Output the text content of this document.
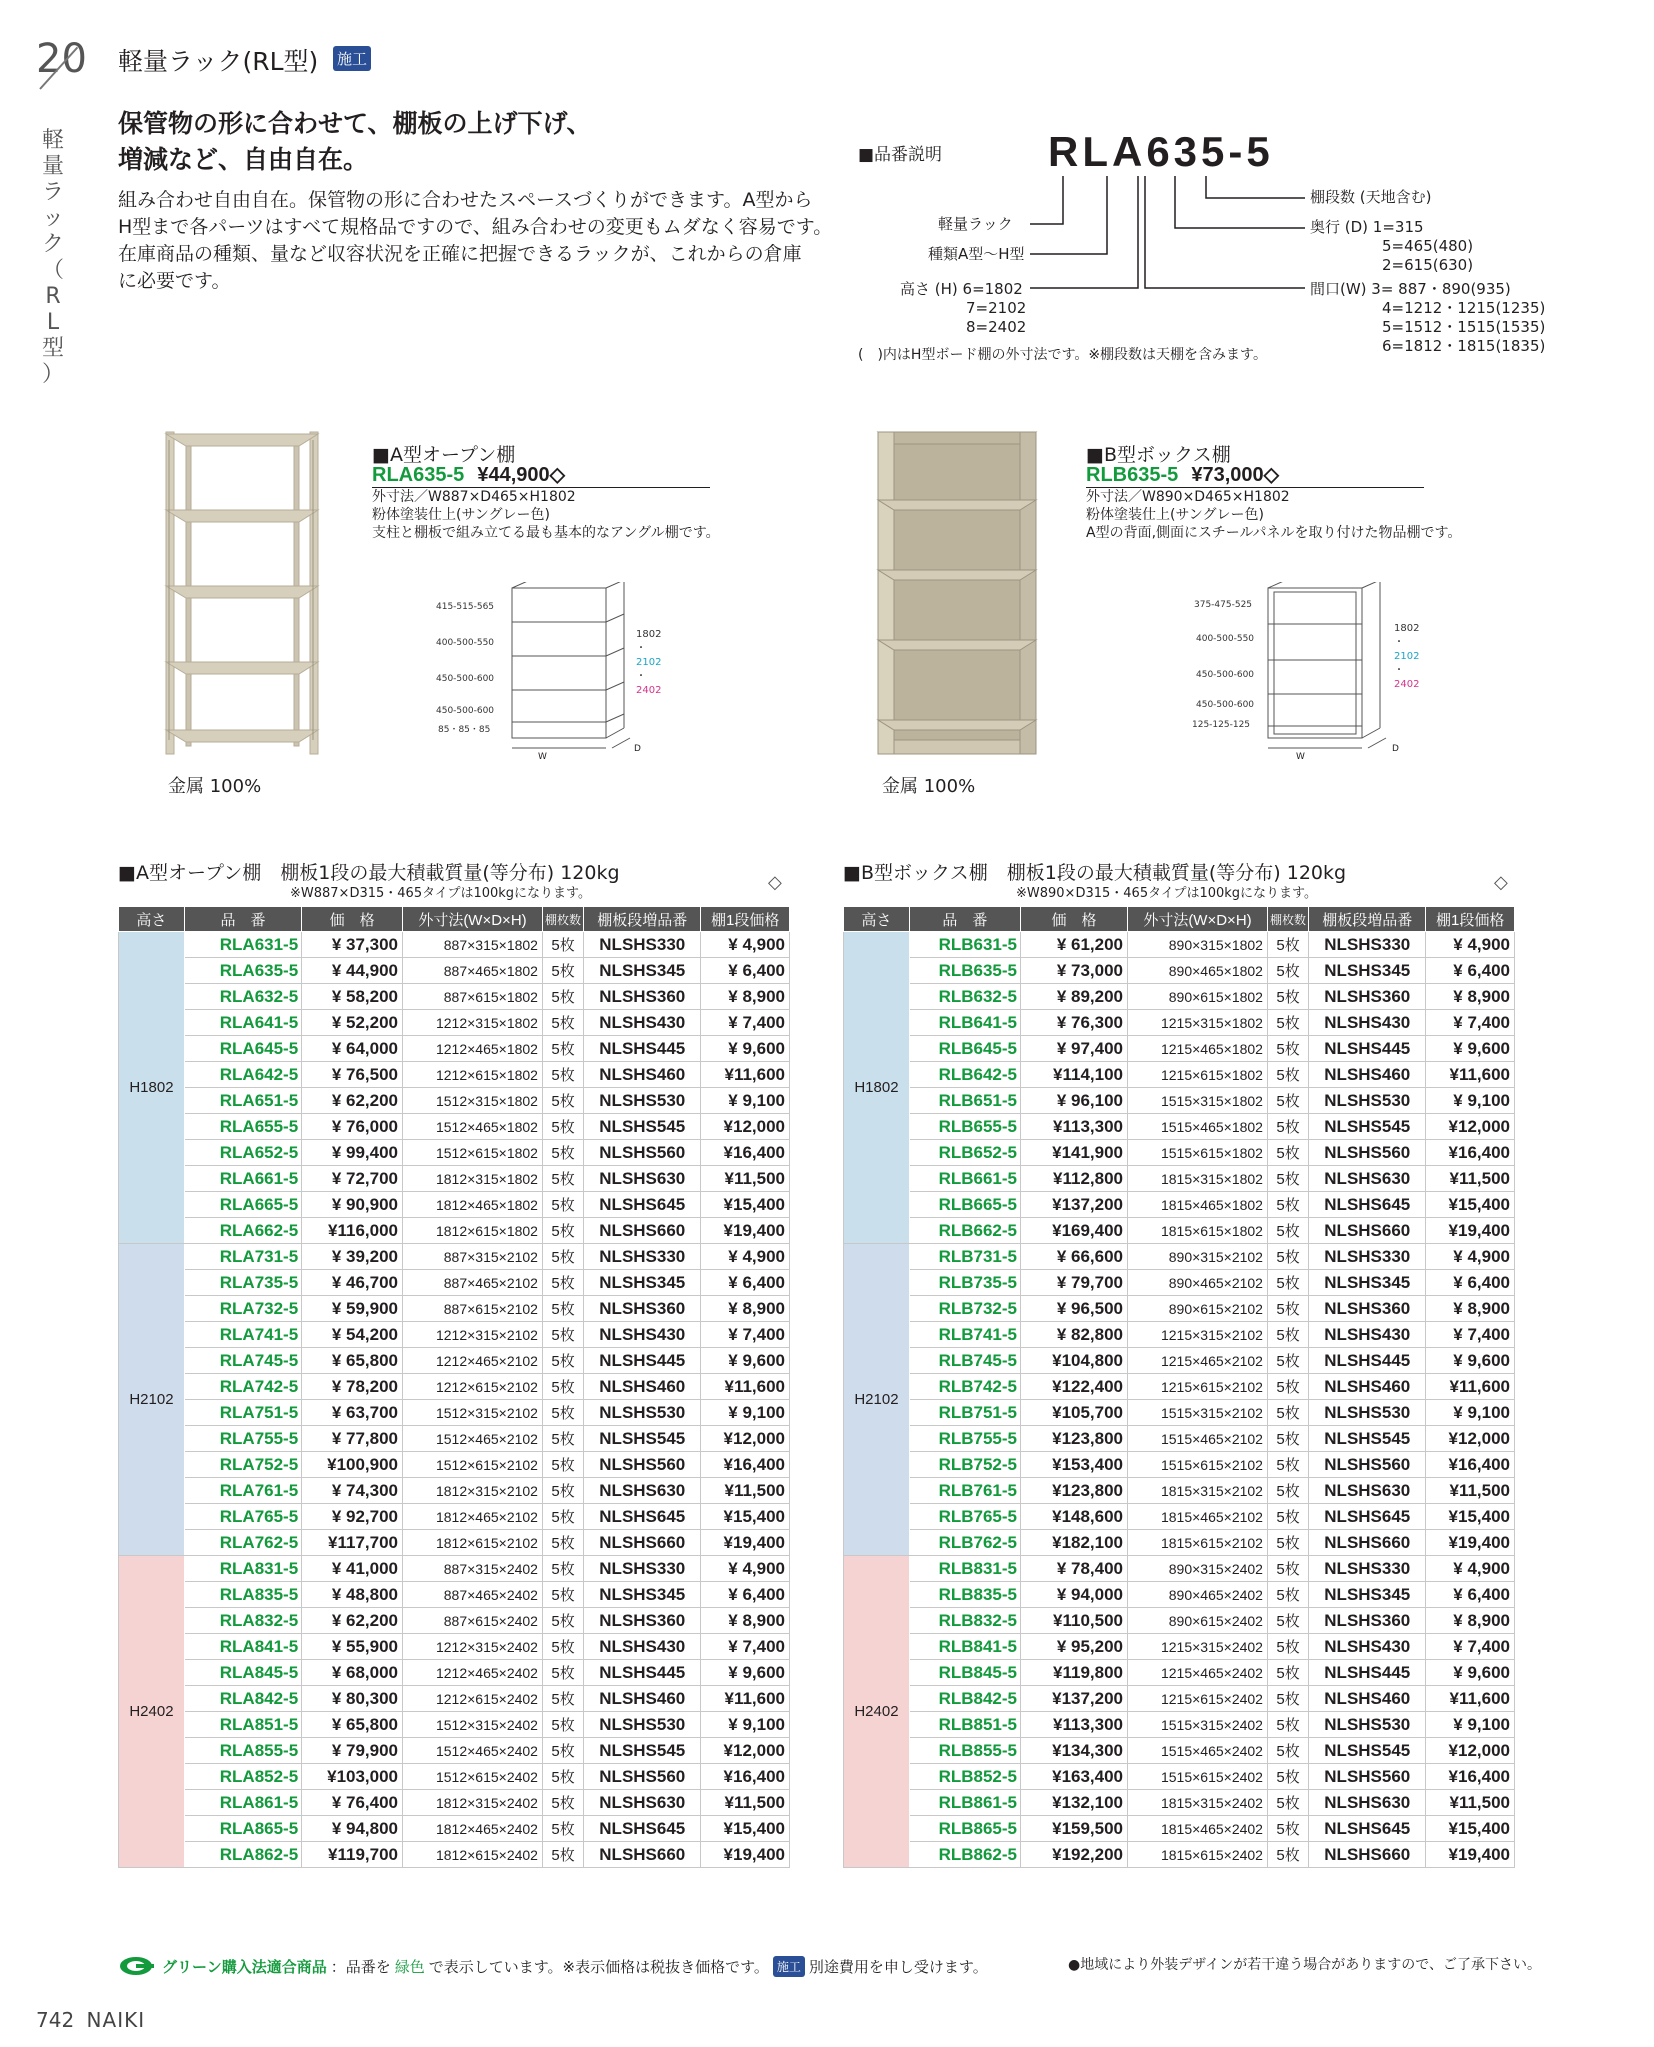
20
軽
量
ラ
ッ
ク
（
R
L
型
）
軽量ラック(RL型) 施工
保管物の形に合わせて、棚板の上げ下げ、
増減など、自由自在。
組み合わせ自由自在。保管物の形に合わせたスペースづくりができます。A型から
H型まで各パーツはすべて規格品ですので、組み合わせの変更もムダなく容易です。
在庫商品の種類、量など収容状況を正確に把握できるラックが、これからの倉庫
に必要です。
■品番説明	RLA635-5
軽量ラック
種類A型～H型
高さ (H) 6=1802
7=2102
8=2402
棚段数 (天地含む)
奥行 (D) 1=315
5=465(480)
2=615(630)
間口(W) 3= 887・890(935)
4=1212・1215(1235)
5=1512・1515(1535)
6=1812・1815(1835)
(　)内はH型ボード棚の外寸法です。※棚段数は天棚を含みます。
金属 100%
■A型オープン棚
RLA635-5 ¥44,900◇
外寸法／W887×D465×H1802
粉体塗装仕上(サングレー色)
支柱と棚板で組み立てる最も基本的なアングル棚です。
415-515-565
400-500-550
450-500-600
450-500-600
85・85・85
1802
・
2102
・
2402
W
D
金属 100%
■B型ボックス棚
RLB635-5 ¥73,000◇
外寸法／W890×D465×H1802
粉体塗装仕上(サングレー色)
A型の背面,側面にスチールパネルを取り付けた物品棚です。
375-475-525
400-500-550
450-500-600
450-500-600
125-125-125
1802
・
2102
・
2402
W
D
■A型オープン棚　棚板1段の最大積載質量(等分布) 120kg
※W887×D315・465タイプは100kgになります。
◇
高さ	品　番	価　格	外寸法(W×D×H)	棚枚数	棚板段増品番	棚1段価格
H1802	RLA631-5	¥ 37,300	887×315×1802	5枚	NLSHS330	¥ 4,900
	RLA635-5	¥ 44,900	887×465×1802	5枚	NLSHS345	¥ 6,400
	RLA632-5	¥ 58,200	887×615×1802	5枚	NLSHS360	¥ 8,900
	RLA641-5	¥ 52,200	1212×315×1802	5枚	NLSHS430	¥ 7,400
	RLA645-5	¥ 64,000	1212×465×1802	5枚	NLSHS445	¥ 9,600
	RLA642-5	¥ 76,500	1212×615×1802	5枚	NLSHS460	¥11,600
	RLA651-5	¥ 62,200	1512×315×1802	5枚	NLSHS530	¥ 9,100
	RLA655-5	¥ 76,000	1512×465×1802	5枚	NLSHS545	¥12,000
	RLA652-5	¥ 99,400	1512×615×1802	5枚	NLSHS560	¥16,400
	RLA661-5	¥ 72,700	1812×315×1802	5枚	NLSHS630	¥11,500
	RLA665-5	¥ 90,900	1812×465×1802	5枚	NLSHS645	¥15,400
	RLA662-5	¥116,000	1812×615×1802	5枚	NLSHS660	¥19,400
H2102	RLA731-5	¥ 39,200	887×315×2102	5枚	NLSHS330	¥ 4,900
	RLA735-5	¥ 46,700	887×465×2102	5枚	NLSHS345	¥ 6,400
	RLA732-5	¥ 59,900	887×615×2102	5枚	NLSHS360	¥ 8,900
	RLA741-5	¥ 54,200	1212×315×2102	5枚	NLSHS430	¥ 7,400
	RLA745-5	¥ 65,800	1212×465×2102	5枚	NLSHS445	¥ 9,600
	RLA742-5	¥ 78,200	1212×615×2102	5枚	NLSHS460	¥11,600
	RLA751-5	¥ 63,700	1512×315×2102	5枚	NLSHS530	¥ 9,100
	RLA755-5	¥ 77,800	1512×465×2102	5枚	NLSHS545	¥12,000
	RLA752-5	¥100,900	1512×615×2102	5枚	NLSHS560	¥16,400
	RLA761-5	¥ 74,300	1812×315×2102	5枚	NLSHS630	¥11,500
	RLA765-5	¥ 92,700	1812×465×2102	5枚	NLSHS645	¥15,400
	RLA762-5	¥117,700	1812×615×2102	5枚	NLSHS660	¥19,400
H2402	RLA831-5	¥ 41,000	887×315×2402	5枚	NLSHS330	¥ 4,900
	RLA835-5	¥ 48,800	887×465×2402	5枚	NLSHS345	¥ 6,400
	RLA832-5	¥ 62,200	887×615×2402	5枚	NLSHS360	¥ 8,900
	RLA841-5	¥ 55,900	1212×315×2402	5枚	NLSHS430	¥ 7,400
	RLA845-5	¥ 68,000	1212×465×2402	5枚	NLSHS445	¥ 9,600
	RLA842-5	¥ 80,300	1212×615×2402	5枚	NLSHS460	¥11,600
	RLA851-5	¥ 65,800	1512×315×2402	5枚	NLSHS530	¥ 9,100
	RLA855-5	¥ 79,900	1512×465×2402	5枚	NLSHS545	¥12,000
	RLA852-5	¥103,000	1512×615×2402	5枚	NLSHS560	¥16,400
	RLA861-5	¥ 76,400	1812×315×2402	5枚	NLSHS630	¥11,500
	RLA865-5	¥ 94,800	1812×465×2402	5枚	NLSHS645	¥15,400
	RLA862-5	¥119,700	1812×615×2402	5枚	NLSHS660	¥19,400
■B型ボックス棚　棚板1段の最大積載質量(等分布) 120kg
※W890×D315・465タイプは100kgになります。
◇
高さ	品　番	価　格	外寸法(W×D×H)	棚枚数	棚板段増品番	棚1段価格
H1802	RLB631-5	¥ 61,200	890×315×1802	5枚	NLSHS330	¥ 4,900
	RLB635-5	¥ 73,000	890×465×1802	5枚	NLSHS345	¥ 6,400
	RLB632-5	¥ 89,200	890×615×1802	5枚	NLSHS360	¥ 8,900
	RLB641-5	¥ 76,300	1215×315×1802	5枚	NLSHS430	¥ 7,400
	RLB645-5	¥ 97,400	1215×465×1802	5枚	NLSHS445	¥ 9,600
	RLB642-5	¥114,100	1215×615×1802	5枚	NLSHS460	¥11,600
	RLB651-5	¥ 96,100	1515×315×1802	5枚	NLSHS530	¥ 9,100
	RLB655-5	¥113,300	1515×465×1802	5枚	NLSHS545	¥12,000
	RLB652-5	¥141,900	1515×615×1802	5枚	NLSHS560	¥16,400
	RLB661-5	¥112,800	1815×315×1802	5枚	NLSHS630	¥11,500
	RLB665-5	¥137,200	1815×465×1802	5枚	NLSHS645	¥15,400
	RLB662-5	¥169,400	1815×615×1802	5枚	NLSHS660	¥19,400
H2102	RLB731-5	¥ 66,600	890×315×2102	5枚	NLSHS330	¥ 4,900
	RLB735-5	¥ 79,700	890×465×2102	5枚	NLSHS345	¥ 6,400
	RLB732-5	¥ 96,500	890×615×2102	5枚	NLSHS360	¥ 8,900
	RLB741-5	¥ 82,800	1215×315×2102	5枚	NLSHS430	¥ 7,400
	RLB745-5	¥104,800	1215×465×2102	5枚	NLSHS445	¥ 9,600
	RLB742-5	¥122,400	1215×615×2102	5枚	NLSHS460	¥11,600
	RLB751-5	¥105,700	1515×315×2102	5枚	NLSHS530	¥ 9,100
	RLB755-5	¥123,800	1515×465×2102	5枚	NLSHS545	¥12,000
	RLB752-5	¥153,400	1515×615×2102	5枚	NLSHS560	¥16,400
	RLB761-5	¥123,800	1815×315×2102	5枚	NLSHS630	¥11,500
	RLB765-5	¥148,600	1815×465×2102	5枚	NLSHS645	¥15,400
	RLB762-5	¥182,100	1815×615×2102	5枚	NLSHS660	¥19,400
H2402	RLB831-5	¥ 78,400	890×315×2402	5枚	NLSHS330	¥ 4,900
	RLB835-5	¥ 94,000	890×465×2402	5枚	NLSHS345	¥ 6,400
	RLB832-5	¥110,500	890×615×2402	5枚	NLSHS360	¥ 8,900
	RLB841-5	¥ 95,200	1215×315×2402	5枚	NLSHS430	¥ 7,400
	RLB845-5	¥119,800	1215×465×2402	5枚	NLSHS445	¥ 9,600
	RLB842-5	¥137,200	1215×615×2402	5枚	NLSHS460	¥11,600
	RLB851-5	¥113,300	1515×315×2402	5枚	NLSHS530	¥ 9,100
	RLB855-5	¥134,300	1515×465×2402	5枚	NLSHS545	¥12,000
	RLB852-5	¥163,400	1515×615×2402	5枚	NLSHS560	¥16,400
	RLB861-5	¥132,100	1815×315×2402	5枚	NLSHS630	¥11,500
	RLB865-5	¥159,500	1815×465×2402	5枚	NLSHS645	¥15,400
	RLB862-5	¥192,200	1815×615×2402	5枚	NLSHS660	¥19,400
グリーン購入法適合商品 ：品番を 緑色 で表示しています。※表示価格は税抜き価格です。 施工 別途費用を申し受けます。	●地域により外装デザインが若干違う場合がありますので、ご了承下さい。
742 NAIKI
